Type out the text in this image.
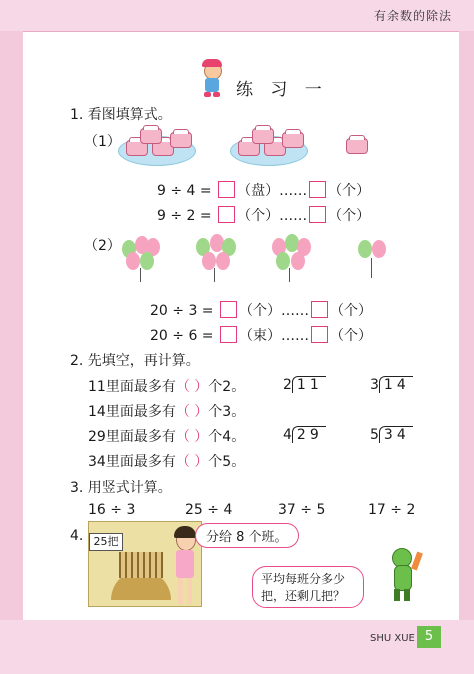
有余数的除法
练 习 一
1. 看图填算式。
（1）
9 ÷ 4 = （盘）…… （个）
9 ÷ 2 = （个）…… （个）
（2）
20 ÷ 3 = （个）…… （个）
20 ÷ 6 = （束）…… （个）
2. 先填空，再计算。
11里面最多有（ ）个2。
14里面最多有（ ）个3。
29里面最多有（ ）个4。
34里面最多有（ ）个5。
2 11	3 14
4 29	5 34
3. 用竖式计算。
16 ÷ 3	25 ÷ 4	37 ÷ 5	17 ÷ 2
4. 25把	分给 8 个班。
平均每班分多少
把，还剩几把？
SHU XUE 5
